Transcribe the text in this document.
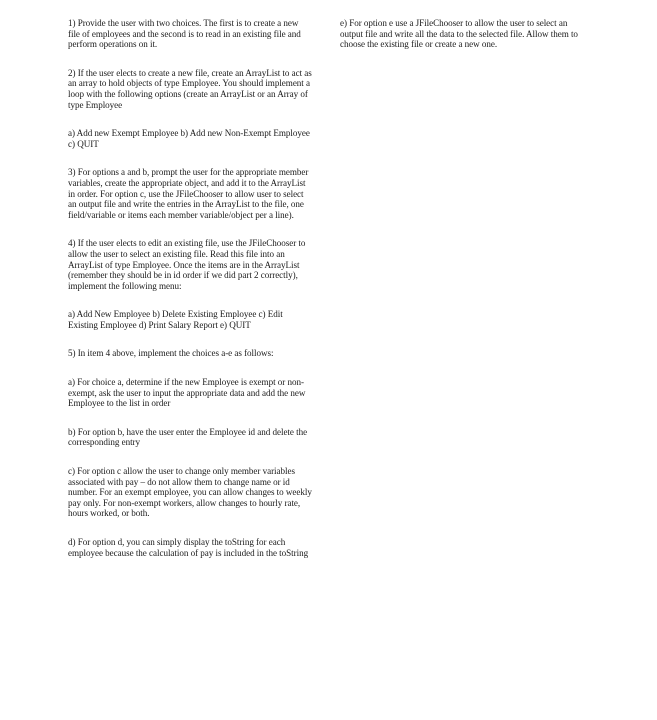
1) Provide the user with two choices. The first is to create a new file of employees and the second is to read in an existing file and perform operations on it.

2) If the user elects to create a new file, create an ArrayList to act as an array to hold objects of type Employee. You should implement a loop with the following options (create an ArrayList or an Array of type Employee

a) Add new Exempt Employee b) Add new Non-Exempt Employee c) QUIT

3) For options a and b, prompt the user for the appropriate member variables, create the appropriate object, and add it to the ArrayList in order. For option c, use the JFileChooser to allow user to select an output file and write the entries in the ArrayList to the file, one field/variable or items each member variable/object per a line).

4) If the user elects to edit an existing file, use the JFileChooser to allow the user to select an existing file. Read this file into an ArrayList of type Employee. Once the items are in the ArrayList (remember they should be in id order if we did part 2 correctly), implement the following menu:

a) Add New Employee b) Delete Existing Employee c) Edit Existing Employee d) Print Salary Report e) QUIT

5) In item 4 above, implement the choices a-e as follows:

a) For choice a, determine if the new Employee is exempt or non-exempt, ask the user to input the appropriate data and add the new Employee to the list in order

b) For option b, have the user enter the Employee id and delete the corresponding entry

c) For option c allow the user to change only member variables associated with pay – do not allow them to change name or id number. For an exempt employee, you can allow changes to weekly pay only. For non-exempt workers, allow changes to hourly rate, hours worked, or both.

d) For option d, you can simply display the toString for each employee because the calculation of pay is included in the toString

e) For option e use a JFileChooser to allow the user to select an output file and write all the data to the selected file. Allow them to choose the existing file or create a new one.
